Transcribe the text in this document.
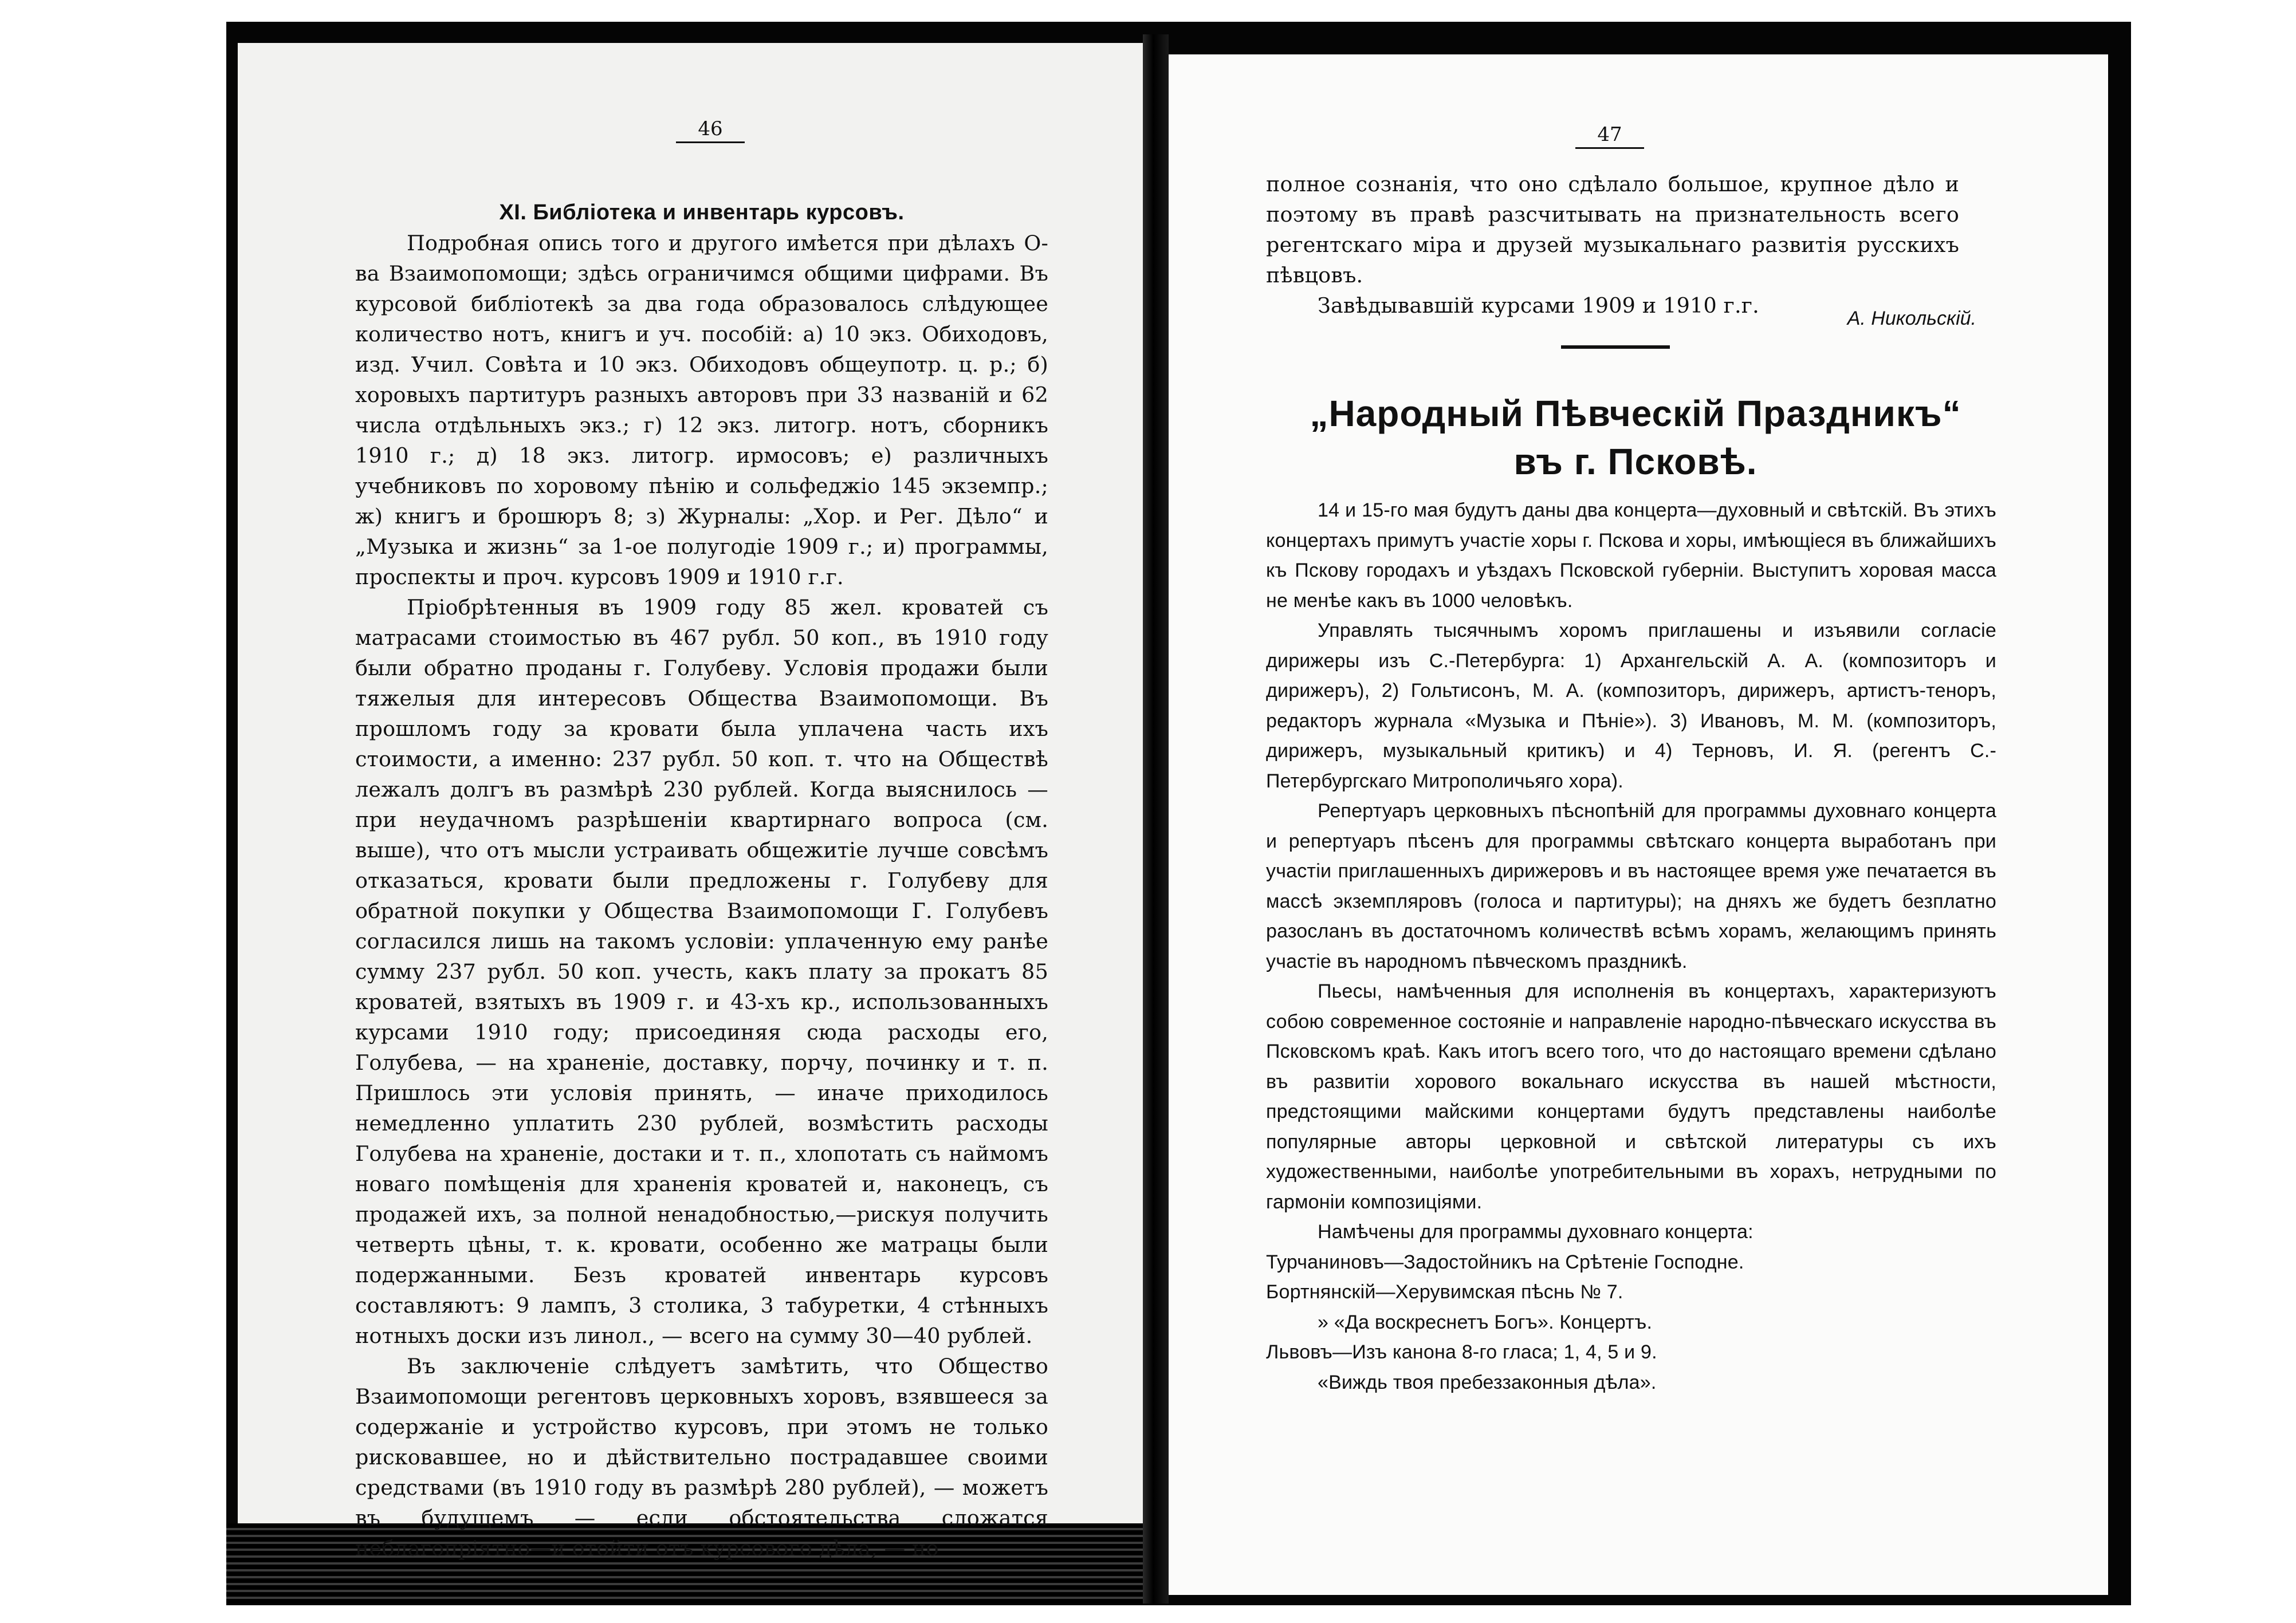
46
XI. Библіотека и инвентарь курсовъ.

Подробная опись того и другого имѣется при дѣлахъ О-ва Взаимопомощи; здѣсь ограничимся общими цифрами. Въ курсовой библіотекѣ за два года образовалось слѣдующее количество нотъ, книгъ и уч. пособій: а) 10 экз. Обиходовъ, изд. Учил. Совѣта и 10 экз. Обиходовъ общеупотр. ц. р.; б) хоровыхъ партитуръ разныхъ авторовъ при 33 названій и 62 числа отдѣльныхъ экз.; г) 12 экз. литогр. нотъ, сборникъ 1910 г.; д) 18 экз. литогр. ирмосовъ; е) различныхъ учебниковъ по хоровому пѣнію и сольфеджіо 145 экземпр.; ж) книгъ и брошюръ 8; з) Журналы: „Хор. и Рег. Дѣло“ и „Музыка и жизнь“ за 1-ое полугодіе 1909 г.; и) программы, проспекты и проч. курсовъ 1909 и 1910 г.г.

Пріобрѣтенныя въ 1909 году 85 жел. кроватей съ матрасами стоимостью въ 467 рубл. 50 коп., въ 1910 году были обратно проданы г. Голубеву. Условія продажи были тяжелыя для интересовъ Общества Взаимопомощи. Въ прошломъ году за кровати была уплачена часть ихъ стоимости, а именно: 237 рубл. 50 коп. т. что на Обществѣ лежалъ долгъ въ размѣрѣ 230 рублей. Когда выяснилось — при неудачномъ разрѣшеніи квартирнаго вопроса (см. выше), что отъ мысли устраивать общежитіе лучше совсѣмъ отказаться, кровати были предложены г. Голубеву для обратной покупки у Общества Взаимопомощи Г. Голубевъ согласился лишь на такомъ условіи: уплаченную ему ранѣе сумму 237 рубл. 50 коп. учесть, какъ плату за прокатъ 85 кроватей, взятыхъ въ 1909 г. и 43-хъ кр., использованныхъ курсами 1910 году; присоединяя сюда расходы его, Голубева, — на храненіе, доставку, порчу, починку и т. п. Пришлось эти условія принять, — иначе приходилось немедленно уплатить 230 рублей, возмѣстить расходы Голубева на храненіе, достаки и т. п., хлопотать съ наймомъ новаго помѣщенія для храненія кроватей и, наконецъ, съ продажей ихъ, за полной ненадобностью,—рискуя получить четверть цѣны, т. к. кровати, особенно же матрацы были подержанными. Безъ кроватей инвентарь курсовъ составляютъ: 9 лампъ, 3 столика, 3 табуретки, 4 стѣнныхъ нотныхъ доски изъ линол., — всего на сумму 30—40 рублей.

Въ заключеніе слѣдуетъ замѣтить, что Общество Взаимопомощи регентовъ церковныхъ хоровъ, взявшееся за содержаніе и устройство курсовъ, при этомъ не только рисковавшее, но и дѣйствительно пострадавшее своими средствами (въ 1910 году въ размѣрѣ 280 рублей), — можетъ въ будущемъ — если обстоятельства сложатся неблагопріятно—и отойти отъ курсового дѣла, — но

47

полное сознанія, что оно сдѣлало большое, крупное дѣло и поэтому въ правѣ разсчитывать на признательность всего регентскаго міра и друзей музыкальнаго развитія русскихъ пѣвцовъ.

Завѣдывавшій курсами 1909 и 1910 г.г.

А. Никольскій.
„Народный Пѣвческій Праздникъ“
въ г. Псковѣ.

14 и 15-го мая будутъ даны два концерта—духовный и свѣтскій. Въ этихъ концертахъ примутъ участіе хоры г. Пскова и хоры, имѣющіеся въ ближайшихъ къ Пскову городахъ и уѣздахъ Псковской губерніи. Выступитъ хоровая масса не менѣе какъ въ 1000 человѣкъ.

Управлять тысячнымъ хоромъ приглашены и изъявили согласіе дирижеры изъ С.-Петербурга: 1) Архангельскій А. А. (композиторъ и дирижеръ), 2) Гольтисонъ, М. А. (композиторъ, дирижеръ, артистъ-теноръ, редакторъ журнала «Музыка и Пѣніе»). 3) Ивановъ, М. М. (композиторъ, дирижеръ, музыкальный критикъ) и 4) Терновъ, И. Я. (регентъ С.-Петербургскаго Митрополичьяго хора).

Репертуаръ церковныхъ пѣснопѣній для программы духовнаго концерта и репертуаръ пѣсенъ для программы свѣтскаго концерта выработанъ при участіи приглашенныхъ дирижеровъ и въ настоящее время уже печатается въ массѣ экземпляровъ (голоса и партитуры); на дняхъ же будетъ безплатно разосланъ въ достаточномъ количествѣ всѣмъ хорамъ, желающимъ принять участіе въ народномъ пѣвческомъ праздникѣ.

Пьесы, намѣченныя для исполненія въ концертахъ, характеризуютъ собою современное состояніе и направленіе народно-пѣвческаго искусства въ Псковскомъ краѣ. Какъ итогъ всего того, что до настоящаго времени сдѣлано въ развитіи хорового вокальнаго искусства въ нашей мѣстности, предстоящими майскими концертами будутъ представлены наиболѣе популярные авторы церковной и свѣтской литературы съ ихъ художественными, наиболѣе употребительными въ хорахъ, нетрудными по гармоніи композиціями.

Намѣчены для программы духовнаго концерта:

Турчаниновъ—Задостойникъ на Срѣтеніе Господне.

Бортнянскій—Херувимская пѣснь № 7.

» «Да воскреснетъ Богъ». Концертъ.

Львовъ—Изъ канона 8-го гласа; 1, 4, 5 и 9.

«Виждь твоя пребеззаконныя дѣла».
